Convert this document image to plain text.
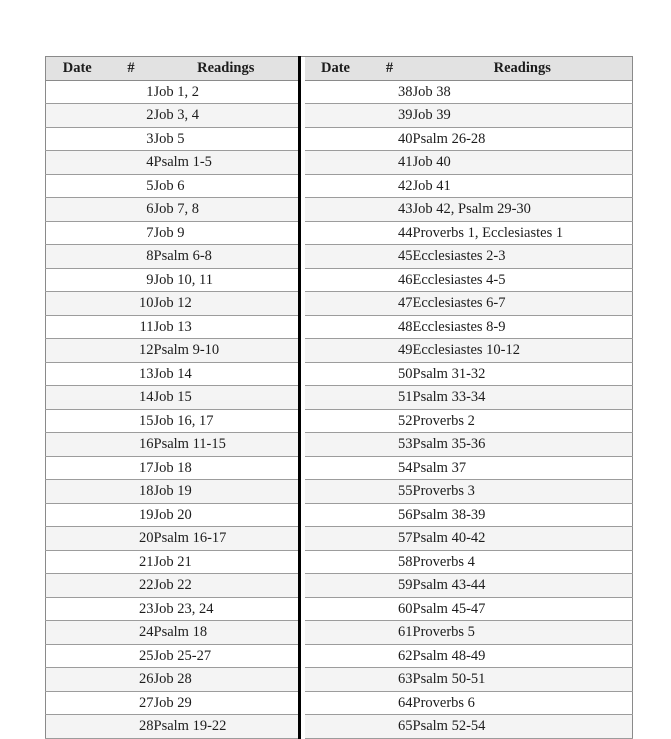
Date	#	Readings		Date	#	Readings
	1	Job 1, 2			38	Job 38
	2	Job 3, 4			39	Job 39
	3	Job 5			40	Psalm 26-28
	4	Psalm 1-5			41	Job 40
	5	Job 6			42	Job 41
	6	Job 7, 8			43	Job 42, Psalm 29-30
	7	Job 9			44	Proverbs 1, Ecclesiastes 1
	8	Psalm 6-8			45	Ecclesiastes 2-3
	9	Job 10, 11			46	Ecclesiastes 4-5
	10	Job 12			47	Ecclesiastes 6-7
	11	Job 13			48	Ecclesiastes 8-9
	12	Psalm 9-10			49	Ecclesiastes 10-12
	13	Job 14			50	Psalm 31-32
	14	Job 15			51	Psalm 33-34
	15	Job 16, 17			52	Proverbs 2
	16	Psalm 11-15			53	Psalm 35-36
	17	Job 18			54	Psalm 37
	18	Job 19			55	Proverbs 3
	19	Job 20			56	Psalm 38-39
	20	Psalm 16-17			57	Psalm 40-42
	21	Job 21			58	Proverbs 4
	22	Job 22			59	Psalm 43-44
	23	Job 23, 24			60	Psalm 45-47
	24	Psalm 18			61	Proverbs 5
	25	Job 25-27			62	Psalm 48-49
	26	Job 28			63	Psalm 50-51
	27	Job 29			64	Proverbs 6
	28	Psalm 19-22			65	Psalm 52-54
